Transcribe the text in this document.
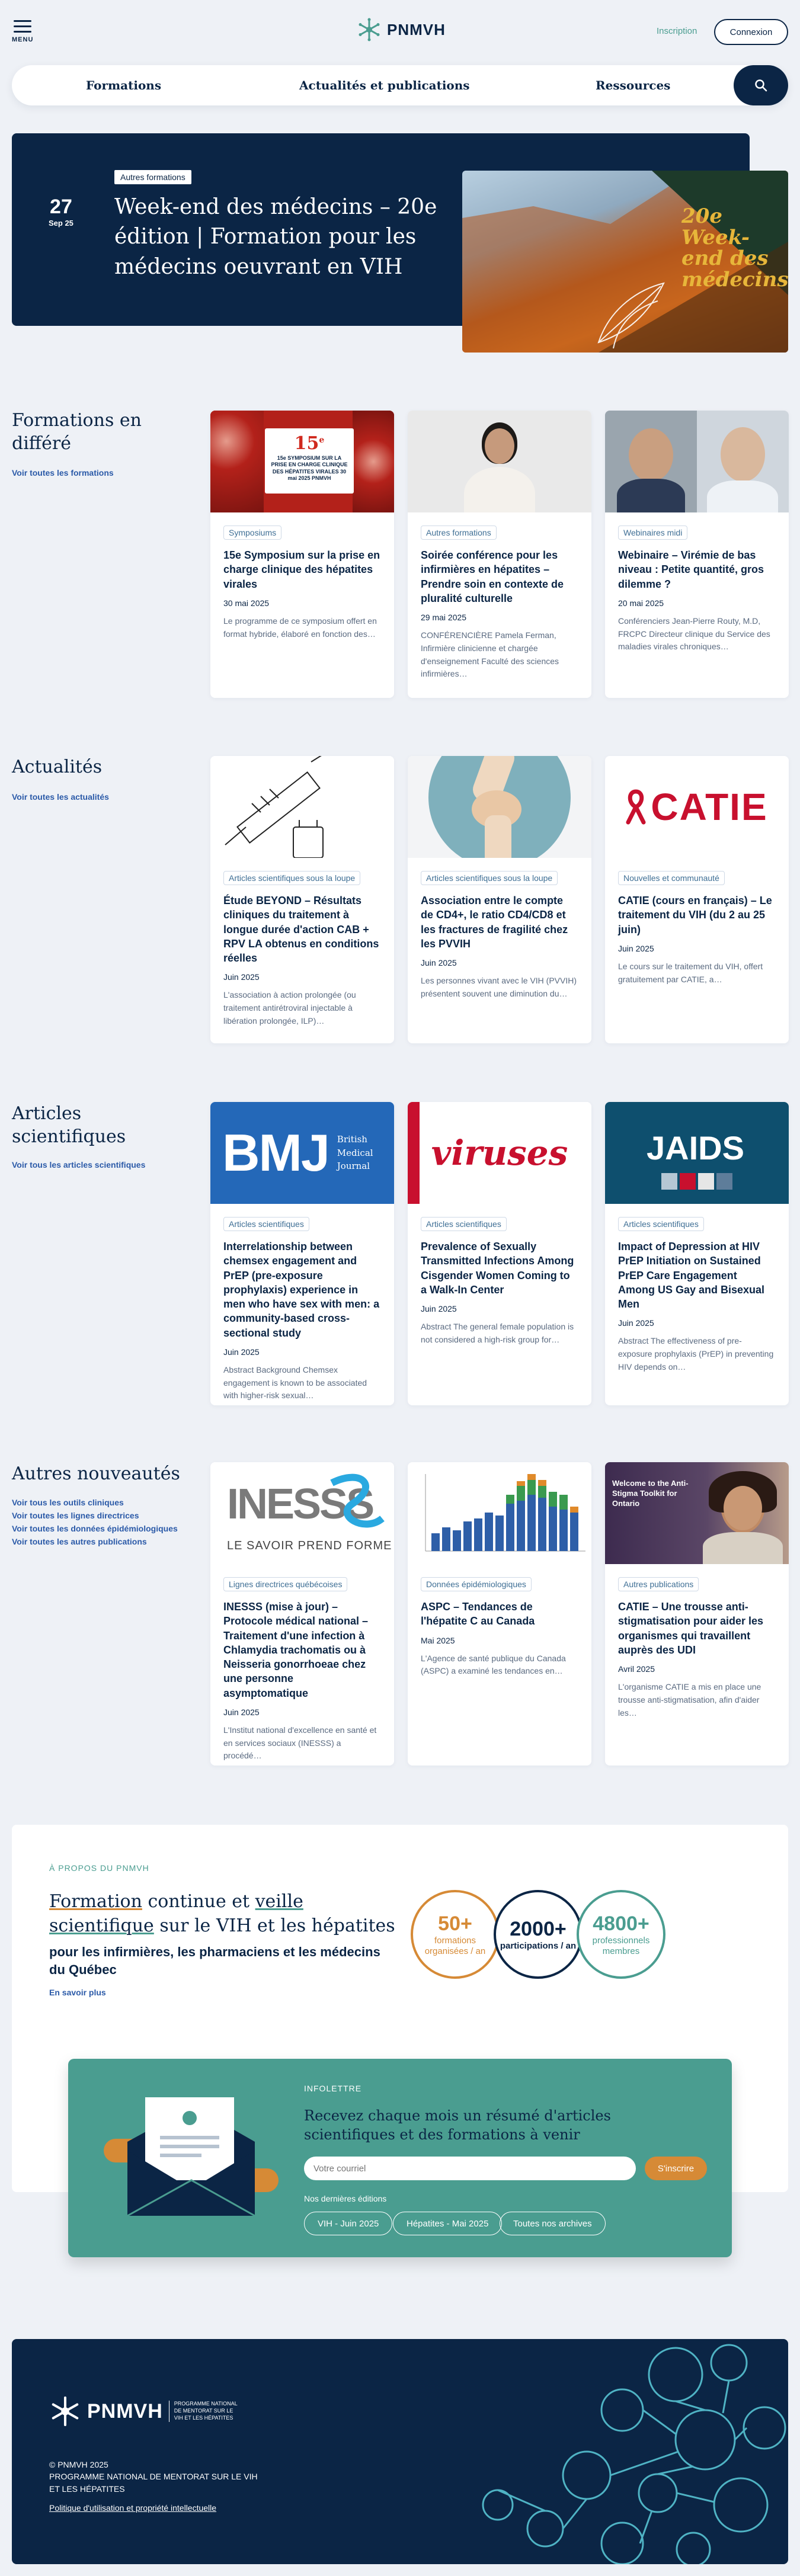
MENU
PNMVH	Inscription	Connexion
Formations	Actualités et publications	Ressources
27
Sep 25
Autres formations
Week-end des médecins – 20e édition | Formation pour les médecins oeuvrant en VIH
20e Week-end des médecins
Formations en différé
Voir toutes les formations
15e
15e SYMPOSIUM SUR LA PRISE EN CHARGE CLINIQUE DES HÉPATITES VIRALES 30 mai 2025 PNMVH
Symposiums
15e Symposium sur la prise en charge clinique des hépatites virales
30 mai 2025
Le programme de ce symposium offert en format hybride, élaboré en fonction des…
Autres formations
Soirée conférence pour les infirmières en hépatites – Prendre soin en contexte de pluralité culturelle
29 mai 2025
CONFÉRENCIÈRE Pamela Ferman, Infirmière clinicienne et chargée d'enseignement Faculté des sciences infirmières…
Webinaires midi
Webinaire – Virémie de bas niveau : Petite quantité, gros dilemme ?
20 mai 2025
Conférenciers Jean-Pierre Routy, M.D, FRCPC Directeur clinique du Service des maladies virales chroniques…
Actualités
Voir toutes les actualités
Articles scientifiques sous la loupe
Étude BEYOND – Résultats cliniques du traitement à longue durée d'action CAB + RPV LA obtenus en conditions réelles
Juin 2025
L'association à action prolongée (ou traitement antirétroviral injectable à libération prolongée, ILP)…
Articles scientifiques sous la loupe
Association entre le compte de CD4+, le ratio CD4/CD8 et les fractures de fragilité chez les PVVIH
Juin 2025
Les personnes vivant avec le VIH (PVVIH) présentent souvent une diminution du…
CATIE
Nouvelles et communauté
CATIE (cours en français) – Le traitement du VIH (du 2 au 25 juin)
Juin 2025
Le cours sur le traitement du VIH, offert gratuitement par CATIE, a…
Articles scientifiques
Voir tous les articles scientifiques BMJ British Medical Journal
Articles scientifiques
Interrelationship between chemsex engagement and PrEP (pre-exposure prophylaxis) experience in men who have sex with men: a community-based cross-sectional study
Juin 2025
Abstract Background Chemsex engagement is known to be associated with higher-risk sexual…
viruses
Articles scientifiques
Prevalence of Sexually Transmitted Infections Among Cisgender Women Coming to a Walk-In Center
Juin 2025
Abstract The general female population is not considered a high-risk group for…
JAIDS
Articles scientifiques
Impact of Depression at HIV PrEP Initiation on Sustained PrEP Care Engagement Among US Gay and Bisexual Men
Juin 2025
Abstract The effectiveness of pre-exposure prophylaxis (PrEP) in preventing HIV depends on…
Autres nouveautés
Voir tous les outils cliniques
Voir toutes les lignes directrices
Voir toutes les données épidémiologiques
Voir toutes les autres publications
INESSS
LE SAVOIR PREND FORME
Lignes directrices québécoises
INESSS (mise à jour) – Protocole médical national – Traitement d'une infection à Chlamydia trachomatis ou à Neisseria gonorrhoeae chez une personne asymptomatique
Juin 2025
L'Institut national d'excellence en santé et en services sociaux (INESSS) a procédé…
Données épidémiologiques
ASPC – Tendances de l'hépatite C au Canada
Mai 2025
L'Agence de santé publique du Canada (ASPC) a examiné les tendances en…
Welcome to the Anti-Stigma Toolkit for Ontario
Autres publications
CATIE – Une trousse anti-stigmatisation pour aider les organismes qui travaillent auprès des UDI
Avril 2025
L'organisme CATIE a mis en place une trousse anti-stigmatisation, afin d'aider les…
À PROPOS DU PNMVH
Formation continue et veille scientifique sur le VIH et les hépatites
pour les infirmières, les pharmaciens et les médecins du Québec
En savoir plus
50+
formations organisées / an
2000+
participations / an
4800+
professionnels membres
INFOLETTRE
Recevez chaque mois un résumé d'articles scientifiques et des formations à venir
Votre courriel
S'inscrire
Nos dernières éditions
VIH - Juin 2025	Hépatites - Mai 2025	Toutes nos archives
PNMVH	PROGRAMME NATIONAL DE MENTORAT SUR LE VIH ET LES HÉPATITES
© PNMVH 2025
PROGRAMME NATIONAL DE MENTORAT SUR LE VIH
ET LES HÉPATITES
Politique d'utilisation et propriété intellectuelle
